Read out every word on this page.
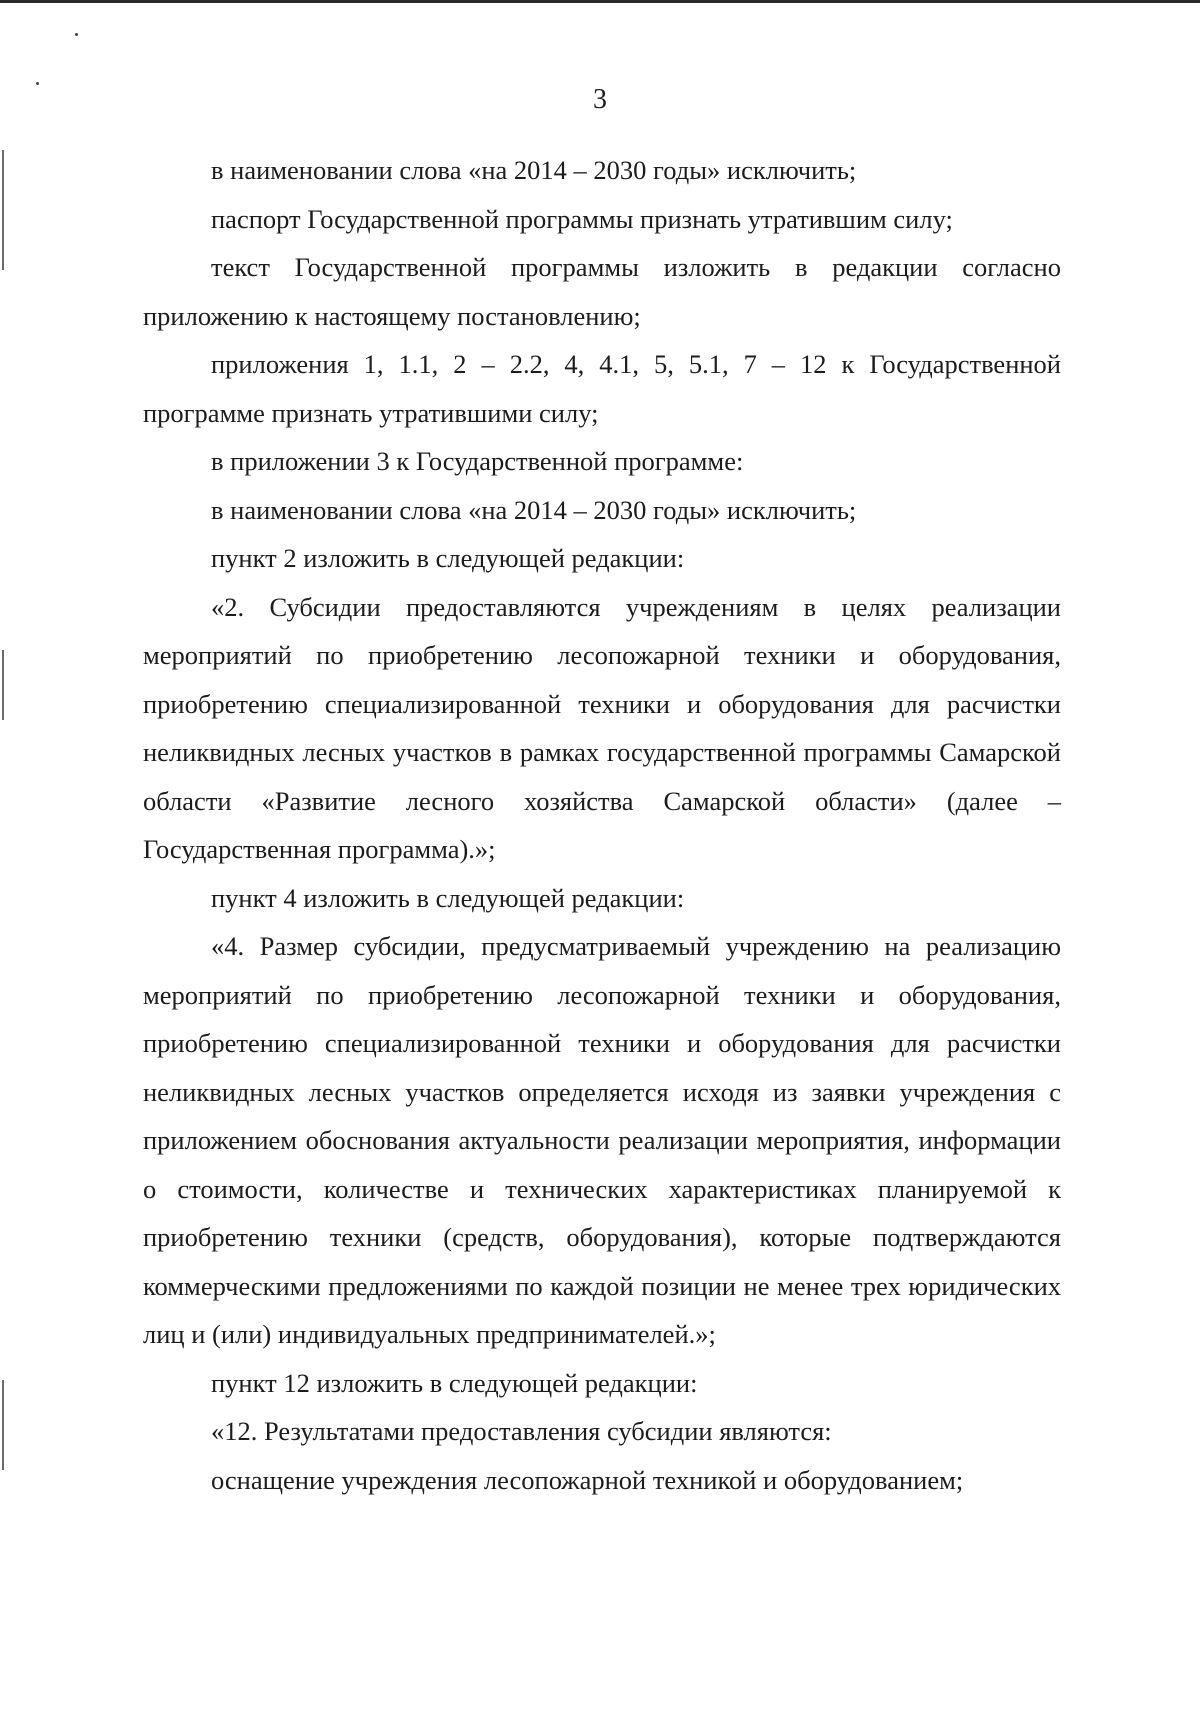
3

в наименовании слова «на 2014 – 2030 годы» исключить;

паспорт Государственной программы признать утратившим силу;

текст Государственной программы изложить в редакции согласно приложению к настоящему постановлению;

приложения 1, 1.1, 2 – 2.2, 4, 4.1, 5, 5.1, 7 – 12 к Государственной программе признать утратившими силу;

в приложении 3 к Государственной программе:

в наименовании слова «на 2014 – 2030 годы» исключить;

пункт 2 изложить в следующей редакции:

«2. Субсидии предоставляются учреждениям в целях реализации мероприятий по приобретению лесопожарной техники и оборудования, приобретению специализированной техники и оборудования для расчистки неликвидных лесных участков в рамках государственной программы Самарской области «Развитие лесного хозяйства Самарской области» (далее – Государственная программа).»;

пункт 4 изложить в следующей редакции:

«4. Размер субсидии, предусматриваемый учреждению на реализацию мероприятий по приобретению лесопожарной техники и оборудования, приобретению специализированной техники и оборудования для расчистки неликвидных лесных участков определяется исходя из заявки учреждения с приложением обоснования актуальности реализации мероприятия, информации о стоимости, количестве и технических характеристиках планируемой к приобретению техники (средств, оборудования), которые подтверждаются коммерческими предложениями по каждой позиции не менее трех юридических лиц и (или) индивидуальных предпринимателей.»;

пункт 12 изложить в следующей редакции:

«12. Результатами предоставления субсидии являются:

оснащение учреждения лесопожарной техникой и оборудованием;
